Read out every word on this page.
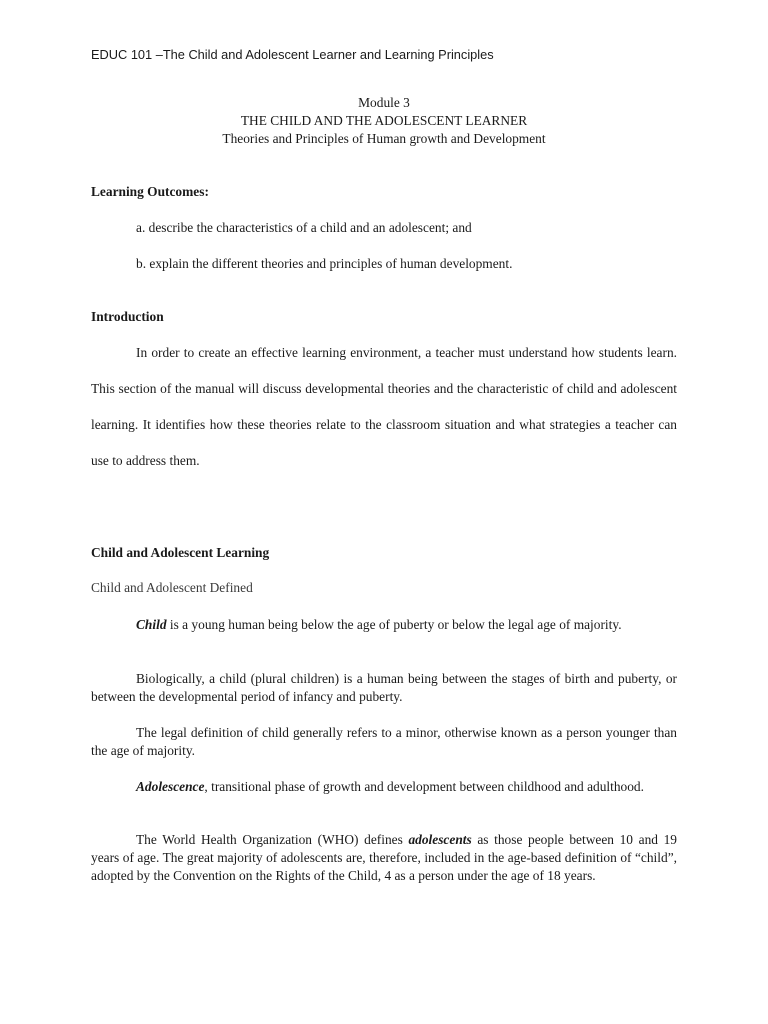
EDUC 101 –The Child and Adolescent Learner and Learning Principles
Module 3
THE CHILD AND THE ADOLESCENT LEARNER
Theories and Principles of Human growth and Development
Learning Outcomes:
a. describe the characteristics of a child and an adolescent; and
b. explain the different theories and principles of human development.
Introduction
In order to create an effective learning environment, a teacher must understand how students learn. This section of the manual will discuss developmental theories and the characteristic of child and adolescent learning. It identifies how these theories relate to the classroom situation and what strategies a teacher can use to address them.
Child and Adolescent Learning
Child and Adolescent Defined
Child is a young human being below the age of puberty or below the legal age of majority.
Biologically, a child (plural children) is a human being between the stages of birth and puberty, or between the developmental period of infancy and puberty.
The legal definition of child generally refers to a minor, otherwise known as a person younger than the age of majority.
Adolescence, transitional phase of growth and development between childhood and adulthood.
The World Health Organization (WHO) defines adolescents as those people between 10 and 19 years of age. The great majority of adolescents are, therefore, included in the age-based definition of “child”, adopted by the Convention on the Rights of the Child, 4 as a person under the age of 18 years.
